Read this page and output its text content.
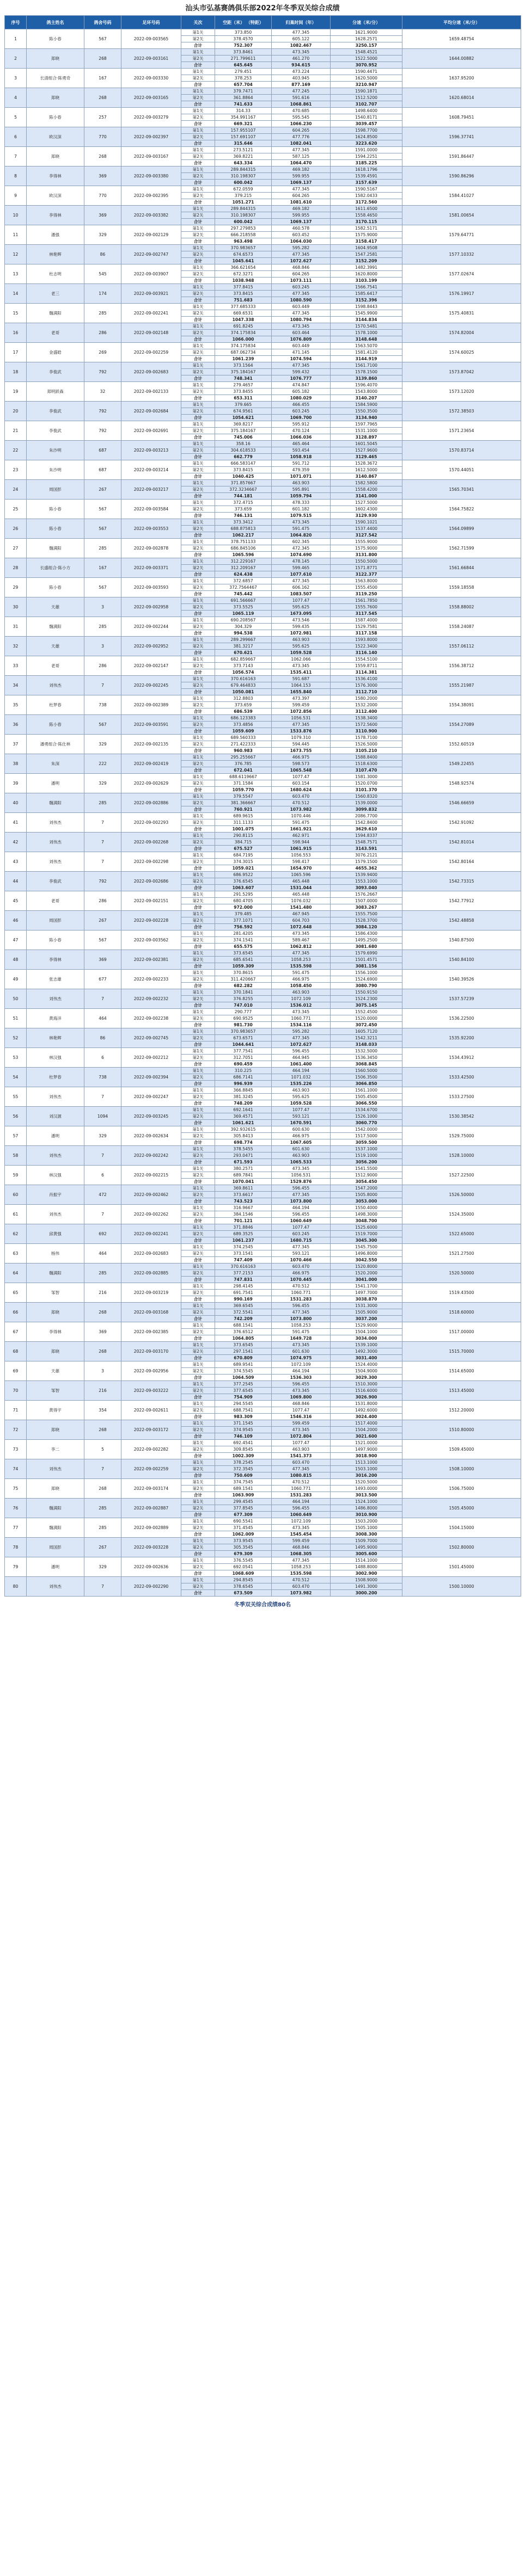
汕头市弘基赛鸽俱乐部2022年冬季双关综合成绩
序号	鸽主姓名	鸽舍号码	足环号码	关次	空距（米） （特距）	归巢时间（年）	分速（米/分）	平均分速（米/分）
1	陈小春	567	2022-09-003565	第1关	373.850	477.345	1621.9000	1659.48754
				第2关	378.4570	605.122	1628.2571	
				合计	752.307	1082.467	3250.157	
2	郑晓	268	2022-09-003161	第1关	373.8461	473.345	1548.4521	1644.00882
				第2关	271.799611	461.270	1522.5000	
				合计	645.645	934.615	3070.952	
3	长清组合·陈勇奇	167	2022-09-003330	第1关	279.451	473.224	1590.4471	1637.95200
				第2关	378.253	403.945	1620.5000	
				合计	657.704	877.169	3210.947	
4	郑晓	268	2022-09-003165	第1关	379.7471	477.245	1590.1871	1620.68014
				第2关	361.8864	591.616	1512.5200	
				合计	741.633	1068.861	3102.707	
5	陈小春	257	2022-09-003279	第1关	314.33	470.685	1498.6400	1608.79451
				第2关	354.991167	595.545	1540.8171	
				合计	669.321	1066.230	3039.457	
6	欧汉深	770	2022-09-002397	第1关	157.955107	604.265	1598.7700	1596.37741
				第2关	157.691107	477.776	1624.8500	
				合计	315.646	1082.041	3223.620	
7	郑晓	268	2022-09-003167	第1关	273.5121	477.345	1591.0000	1591.86447
				第2关	369.8221	587.125	1594.2251	
				合计	643.334	1064.470	3185.225	
8	李得林	369	2022-09-003380	第1关	289.844315	469.182	1618.1796	1590.86296
				第2关	310.198307	599.955	1539.4591	
				合计	600.042	1069.137	3157.639	
9	欧汉深	770	2022-09-002395	第1关	672.0559	477.345	1590.5167	1584.41027
				第2关	379.215	604.265	1582.0433	
				合计	1051.271	1081.610	3172.560	
10	李得林	369	2022-09-003382	第1关	289.844315	469.182	1611.6500	1581.00654
				第2关	310.198307	599.955	1558.4650	
				合计	600.042	1069.137	3170.115	
11	潘强	329	2022-09-002129	第1关	297.279853	460.578	1582.5171	1579.64771
				第2关	666.218558	603.452	1575.9000	
				合计	963.498	1064.030	3158.417	
12	林艳辉	86	2022-09-002747	第1关	370.983657	595.282	1604.9508	1577.10332
				第2关	674.6573	477.345	1547.2581	
				合计	1045.641	1072.627	3152.209	
13	杜志明	545	2022-09-003907	第1关	366.621654	468.846	1482.3991	1577.02674
				第2关	672.3271	604.265	1620.8000	
				合计	1038.948	1073.111	3103.199	
14	老三	174	2022-09-003921	第1关	377.8415	603.245	1566.7541	1576.19917
				第2关	373.8415	477.345	1585.6417	
				合计	751.683	1080.590	3152.396	
15	魏满阳	285	2022-09-002241	第1关	377.685333	603.449	1598.8443	1575.40831
				第2关	669.6531	477.345	1545.9900	
				合计	1047.338	1080.794	3144.834	
16	老哥	286	2022-09-002148	第1关	691.8245	473.345	1570.5481	1574.82004
				第2关	374.175834	603.464	1578.1000	
				合计	1066.000	1076.809	3148.648	
17	金盛皓	269	2022-09-002259	第1关	374.175834	603.449	1563.5070	1574.60025
				第2关	687.062734	471.145	1581.4120	
				合计	1061.239	1074.594	3144.919	
18	李俊武	792	2022-09-002683	第1关	373.1564	477.345	1561.7100	1573.87042
				第2关	375.184167	599.432	1578.1500	
				合计	748.341	1076.777	3139.860	
19	郑明跃森	32	2022-09-002133	第1关	279.4657	474.847	1596.4070	1573.12020
				第2关	373.8455	605.182	1543.8000	
				合计	653.311	1080.029	3140.207	
20	李俊武	792	2022-09-002684	第1关	379.665	466.455	1584.5900	1572.38503
				第2关	674.9561	603.245	1550.3500	
				合计	1054.621	1069.700	3134.940	
21	李俊武	792	2022-09-002691	第1关	369.8217	595.912	1597.7965	1571.23654
				第2关	375.184167	470.124	1531.1000	
				合计	745.006	1066.036	3128.897	
22	朱沙明	687	2022-09-003213	第1关	358.16	465.464	1601.5045	1570.83714
				第2关	304.618533	593.454	1527.9600	
				合计	662.779	1058.918	3129.465	
23	朱沙明	687	2022-09-003214	第1关	666.583147	591.712	1528.3672	1570.44051
				第2关	373.8415	479.359	1612.5000	
				合计	1040.425	1071.071	3140.867	
24	周国彭	267	2022-09-003217	第1关	371.857667	463.903	1582.5800	1565.70341
				第2关	372.3234667	595.891	1558.4200	
				合计	744.181	1059.794	3141.000	
25	陈小春	567	2022-09-003584	第1关	372.4715	478.333	1527.5000	1564.75822
				第2关	373.659	601.182	1602.4300	
				合计	746.131	1079.515	3129.930	
26	陈小春	567	2022-09-003553	第1关	373.3412	473.345	1590.1021	1564.09899
				第2关	688.875813	591.475	1537.4400	
				合计	1062.217	1064.820	3127.542	
27	魏满阳	285	2022-09-002878	第1关	378.751133	602.345	1555.9000	1562.71599
				第2关	686.845106	472.345	1575.9000	
				合计	1065.596	1074.690	3131.800	
28	长盛组合·陈小方	167	2022-09-003371	第1关	312.229167	478.145	1550.5000	1561.66844
				第2关	312.209167	599.465	1571.8771	
				合计	624.438	1077.610	3122.377	
29	陈小春	567	2022-09-003593	第1关	372.6857	477.345	1563.8000	1559.18558
				第2关	372.7564467	606.162	1555.4500	
				合计	745.442	1083.507	3119.250	
30	天雄	3	2022-09-002958	第1关	691.566667	1077.47	1561.7850	1558.88002
				第2关	373.5525	595.625	1555.7600	
				合计	1065.119	1673.095	3117.545	
31	魏满阳	285	2022-09-002244	第1关	690.208567	473.546	1587.4000	1558.24087
				第2关	304.329	599.435	1529.7581	
				合计	994.538	1072.981	3117.158	
32	天雄	3	2022-09-002952	第1关	289.299667	463.903	1593.8000	1557.06112
				第2关	381.3217	595.625	1522.3400	
				合计	670.621	1059.528	3116.140	
33	老哥	286	2022-09-002147	第1关	682.859667	1062.066	1554.5100	1556.38712
				第2关	373.7143	473.345	1559.8711	
				合计	1056.574	1535.411	3114.381	
34	刘伟杰	7	2022-09-002245	第1关	370.616163	591.687	1536.4100	1555.21987
				第2关	679.464833	1064.153	1576.3000	
				合计	1050.081	1655.840	3112.710	
35	杜梦春	738	2022-09-002389	第1关	312.8803	473.397	1580.2000	1554.38091
				第2关	373.659	599.459	1532.2000	
				合计	686.539	1072.856	3112.400	
36	陈小春	567	2022-09-003591	第1关	686.123383	1056.531	1538.3400	1554.27089
				第2关	373.4856	477.345	1572.5600	
				合计	1059.609	1533.876	3110.900	
37	潘勇组合·陈仕林	329	2022-09-002135	第1关	689.560333	1079.310	1578.7100	1552.60519
				第2关	271.422333	594.445	1526.5000	
				合计	960.983	1673.755	3105.210	
38	朱深	222	2022-09-002419	第1关	295.255667	466.975	1588.8400	1549.22455
				第2关	376.785	598.573	1518.6300	
				合计	672.041	1065.548	3107.470	
39	潘明	329	2022-09-002629	第1关	688.6119667	1077.47	1581.3000	1548.92574
				第2关	371.1584	603.154	1520.0700	
				合计	1059.770	1680.624	3101.370	
40	魏满阳	285	2022-09-002886	第1关	379.5547	603.470	1560.8320	1546.66659
				第2关	381.366667	470.512	1539.0000	
				合计	760.921	1073.982	3099.832	
41	刘伟杰	7	2022-09-002293	第1关	689.9615	1070.446	2086.7700	1542.91092
				第2关	311.1133	591.475	1542.8400	
				合计	1001.075	1661.921	3629.610	
42	刘伟杰	7	2022-09-002268	第1关	290.8115	462.971	1594.8337	1542.81014
				第2关	384.715	598.944	1548.7571	
				合计	675.527	1061.915	3143.591	
43	刘伟杰	7	2022-09-002298	第1关	684.7195	1056.553	3076.2121	1542.80164
				第2关	374.3015	598.417	1579.1500	
				合计	1059.021	1654.970	4655.362	
44	李俊武	792	2022-09-002686	第1关	686.9522	1065.596	1539.9400	1542.73315
				第2关	376.6545	465.448	1553.1000	
				合计	1063.607	1531.044	3093.040	
45	老哥	286	2022-09-002151	第1关	291.5295	465.448	1576.2667	1542.77912
				第2关	680.4705	1076.032	1507.0000	
				合计	972.000	1541.480	3083.267	
46	周国彭	267	2022-09-002228	第1关	379.485	467.945	1555.7500	1542.48858
				第2关	377.1071	604.703	1528.3700	
				合计	756.592	1072.648	3084.120	
47	陈小春	567	2022-09-003562	第1关	281.4205	473.345	1586.4300	1540.87500
				第2关	374.1541	589.467	1495.2500	
				合计	655.575	1062.812	3081.680	
48	李得林	369	2022-09-002381	第1关	373.6545	477.345	1579.6990	1540.84100
				第2关	685.6541	1058.253	1501.4571	
				合计	1059.309	1535.598	3081.156	
49	张志雄	677	2022-09-002233	第1关	370.8615	591.475	1556.1000	1540.39526
				第2关	311.420667	466.975	1524.6900	
				合计	682.282	1058.450	3080.790	
50	刘伟杰	7	2022-09-002232	第1关	370.1841	463.903	1550.9150	1537.57239
				第2关	376.8255	1072.109	1524.2300	
				合计	747.010	1536.012	3075.145	
51	黄海洋	464	2022-09-002238	第1关	290.777	473.345	1552.4500	1536.22500
				第2关	690.9525	1060.771	1520.0000	
				合计	981.730	1534.116	3072.450	
52	林艳辉	86	2022-09-002745	第1关	370.983657	595.282	1605.7120	1535.92200
				第2关	673.6571	477.345	1542.3211	
				合计	1044.641	1072.627	3148.033	
53	林汉强	6	2022-09-002212	第1关	377.7541	596.455	1532.5000	1534.43912
				第2关	312.7051	464.945	1536.3450	
				合计	690.459	1061.400	3068.845	
54	杜梦春	738	2022-09-002394	第1关	310.225	464.194	1560.5000	1533.42500
				第2关	686.7141	1071.032	1506.3500	
				合计	996.939	1535.226	3066.850	
55	刘伟杰	7	2022-09-002247	第1关	366.8845	463.903	1561.1000	1533.27500
				第2关	381.3245	595.625	1505.4500	
				合计	748.209	1059.528	3066.550	
56	刘汉源	1094	2022-09-003245	第1关	692.1641	1077.47	1534.6700	1530.38542
				第2关	369.4571	593.121	1526.1000	
				合计	1061.621	1670.591	3060.770	
57	潘明	329	2022-09-002634	第1关	392.932615	600.630	1542.0000	1529.75000
				第2关	305.8413	466.975	1517.5000	
				合计	698.774	1067.605	3059.500	
58	刘伟杰	7	2022-09-002242	第1关	378.5455	601.630	1537.1000	1528.10000
				第2关	293.0471	463.903	1519.1000	
				合计	671.593	1065.533	3056.200	
59	林汉强	6	2022-09-002215	第1关	380.2571	473.345	1541.5500	1527.22500
				第2关	689.7841	1056.531	1512.9000	
				合计	1070.041	1529.876	3054.450	
60	肖振宇	472	2022-09-002462	第1关	369.8611	596.455	1547.2000	1526.50000
				第2关	373.6617	477.345	1505.8000	
				合计	743.523	1073.800	3053.000	
61	刘伟杰	7	2022-09-002262	第1关	316.9667	464.194	1550.4000	1524.35000
				第2关	384.1546	596.455	1498.3000	
				合计	701.121	1060.649	3048.700	
62	邱黄强	692	2022-09-002241	第1关	371.8846	1077.47	1525.6000	1522.65000
				第2关	689.3525	603.245	1519.7000	
				合计	1061.237	1680.715	3045.300	
63	杨伟	464	2022-09-002683	第1关	374.2545	477.345	1545.7500	1521.27500
				第2关	373.1541	593.121	1496.8000	
				合计	747.409	1070.466	3042.550	
64	魏满阳	285	2022-09-002885	第1关	370.616163	603.470	1520.8000	1520.50000
				第2关	377.2153	466.975	1520.2000	
				合计	747.831	1070.445	3041.000	
65	邹智	216	2022-09-003219	第1关	298.4145	470.512	1541.1700	1519.43500
				第2关	691.7541	1060.771	1497.7000	
				合计	990.169	1531.283	3038.870	
66	郑晓	268	2022-09-003168	第1关	369.6545	596.455	1531.3000	1518.60000
				第2关	372.5541	477.345	1505.9000	
				合计	742.209	1073.800	3037.200	
67	李得林	369	2022-09-002385	第1关	688.1541	1058.253	1529.9000	1517.00000
				第2关	376.6512	591.475	1504.1000	
				合计	1064.805	1649.728	3034.000	
68	郑晓	268	2022-09-003170	第1关	373.6545	473.345	1539.1000	1515.70000
				第2关	297.1541	601.630	1492.3000	
				合计	670.809	1074.975	3031.400	
69	天雄	3	2022-09-002956	第1关	689.9541	1072.109	1524.4000	1514.65000
				第2关	374.5545	464.194	1504.9000	
				合计	1064.509	1536.303	3029.300	
70	邹智	216	2022-09-003222	第1关	377.2545	596.455	1510.3000	1513.45000
				第2关	377.6545	473.345	1516.6000	
				合计	754.909	1069.800	3026.900	
71	黄得宇	354	2022-09-002611	第1关	294.5545	468.846	1531.8000	1512.20000
				第2关	688.7541	1077.47	1492.6000	
				合计	983.309	1546.316	3024.400	
72	郑晓	268	2022-09-003172	第1关	371.1545	599.459	1517.4000	1510.80000
				第2关	374.9545	473.345	1504.2000	
				合计	746.109	1072.804	3021.600	
73	李二	5	2022-09-002282	第1关	692.4541	1077.47	1521.0000	1509.45000
				第2关	309.8545	463.903	1497.9000	
				合计	1002.309	1541.373	3018.900	
74	刘伟杰	7	2022-09-002259	第1关	378.2545	603.470	1513.1000	1508.10000
				第2关	372.3545	477.345	1503.1000	
				合计	750.609	1080.815	3016.200	
75	郑晓	268	2022-09-003174	第1关	374.7545	470.512	1520.5000	1506.75000
				第2关	689.1541	1060.771	1493.0000	
				合计	1063.909	1531.283	3013.500	
76	魏满阳	285	2022-09-002887	第1关	299.4545	464.194	1524.1000	1505.45000
				第2关	377.8545	596.455	1486.8000	
				合计	677.309	1060.649	3010.900	
77	魏满阳	285	2022-09-002889	第1关	690.5541	1072.109	1503.2000	1504.15000
				第2关	371.4545	473.345	1505.1000	
				合计	1062.009	1545.454	3008.300	
78	周国彭	267	2022-09-003228	第1关	373.9545	599.459	1509.7000	1502.80000
				第2关	305.3545	468.846	1495.9000	
				合计	679.309	1068.305	3005.600	
79	潘明	329	2022-09-002636	第1关	376.5545	477.345	1514.1000	1501.45000
				第2关	692.0541	1058.253	1488.8000	
				合计	1068.609	1535.598	3002.900	
80	刘伟杰	7	2022-09-002290	第1关	294.8545	470.512	1508.9000	1500.10000
				第2关	378.6545	603.470	1491.3000	
				合计	673.509	1073.982	3000.200	
冬季双关综合成绩80名
